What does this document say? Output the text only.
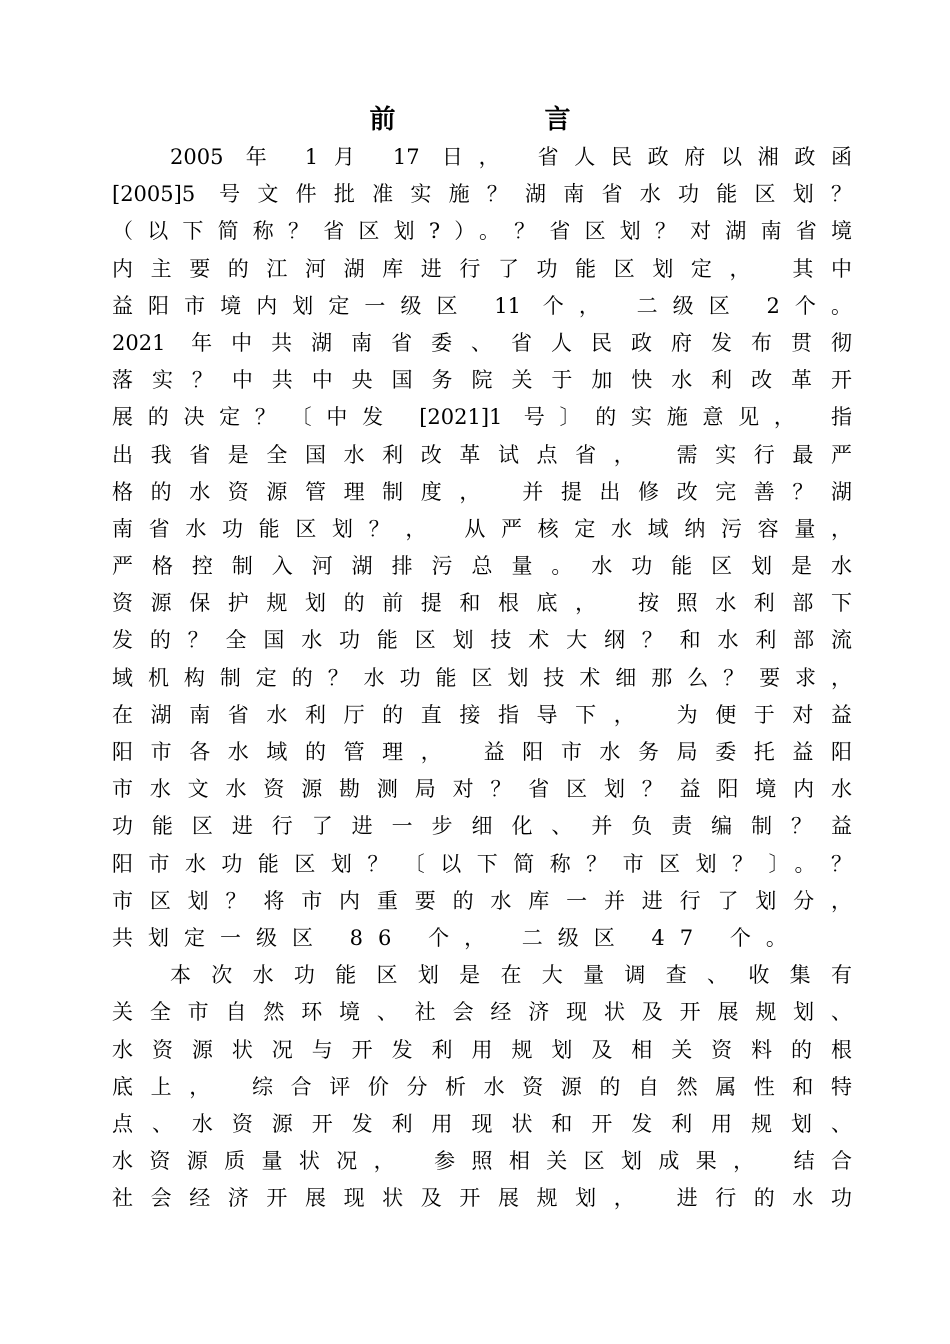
前 言
2005 年 1月 17 日， 省人民政府以湘政函
[2005]5 号文件批准实施？湖南省水功能区划？
（以下简称？省区划?）。？省区划？对湖南省境
内主要的江河湖库进行了功能区划定， 其中
益阳市境内划定一级区 11 个， 二级区 2个。
2021 年中共湖南省委、省人民政府发布贯彻
落实？中共中央国务院关于加快水利改革开
展的决定？〔中发 [2021]1 号〕的实施意见， 指
出我省是全国水利改革试点省， 需实行最严
格的水资源管理制度， 并提出修改完善？湖
南省水功能区划？， 从严核定水域纳污容量，
严格控制入河湖排污总量。水功能区划是水
资源保护规划的前提和根底， 按照水利部下
发的？全国水功能区划技术大纲？和水利部流
域机构制定的？水功能区划技术细那么？要求，
在湖南省水利厅的直接指导下， 为便于对益
阳市各水域的管理， 益阳市水务局委托益阳
市水文水资源勘测局对？省区划？益阳境内水
功能区进行了进一步细化、并负责编制？益
阳市水功能区划？〔以下简称？市区划？〕。？
市区划？将市内重要的水库一并进行了划分，
共划定一级区 86 个， 二级区 47 个。
本次水功能区划是在大量调查、收集有
关全市自然环境、社会经济现状及开展规划、
水资源状况与开发利用规划及相关资料的根
底上， 综合评价分析水资源的自然属性和特
点、水资源开发利用现状和开发利用规划、
水资源质量状况， 参照相关区划成果， 结合
社会经济开展现状及开展规划， 进行的水功
